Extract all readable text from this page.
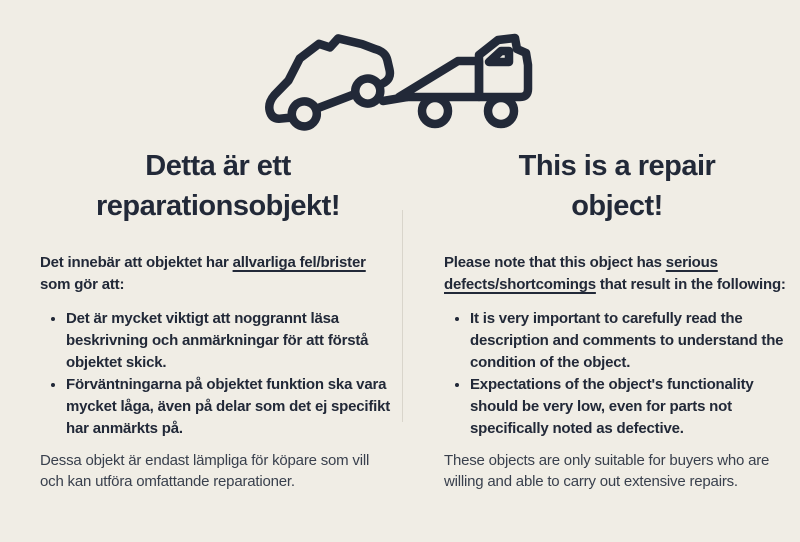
Detta är ett
reparationsobjekt!

Det innebär att objektet har allvarliga fel/brister som gör att:

• Det är mycket viktigt att noggrannt läsa beskrivning och anmärkningar för att förstå objektet skick.
• Förväntningarna på objektet funktion ska vara mycket låga, även på delar som det ej specifikt har anmärkts på.

Dessa objekt är endast lämpliga för köpare som vill och kan utföra omfattande reparationer.

This is a repair
object!

Please note that this object has serious defects/shortcomings that result in the following:

• It is very important to carefully read the description and comments to understand the condition of the object.
• Expectations of the object's functionality should be very low, even for parts not specifically noted as defective.

These objects are only suitable for buyers who are willing and able to carry out extensive repairs.
